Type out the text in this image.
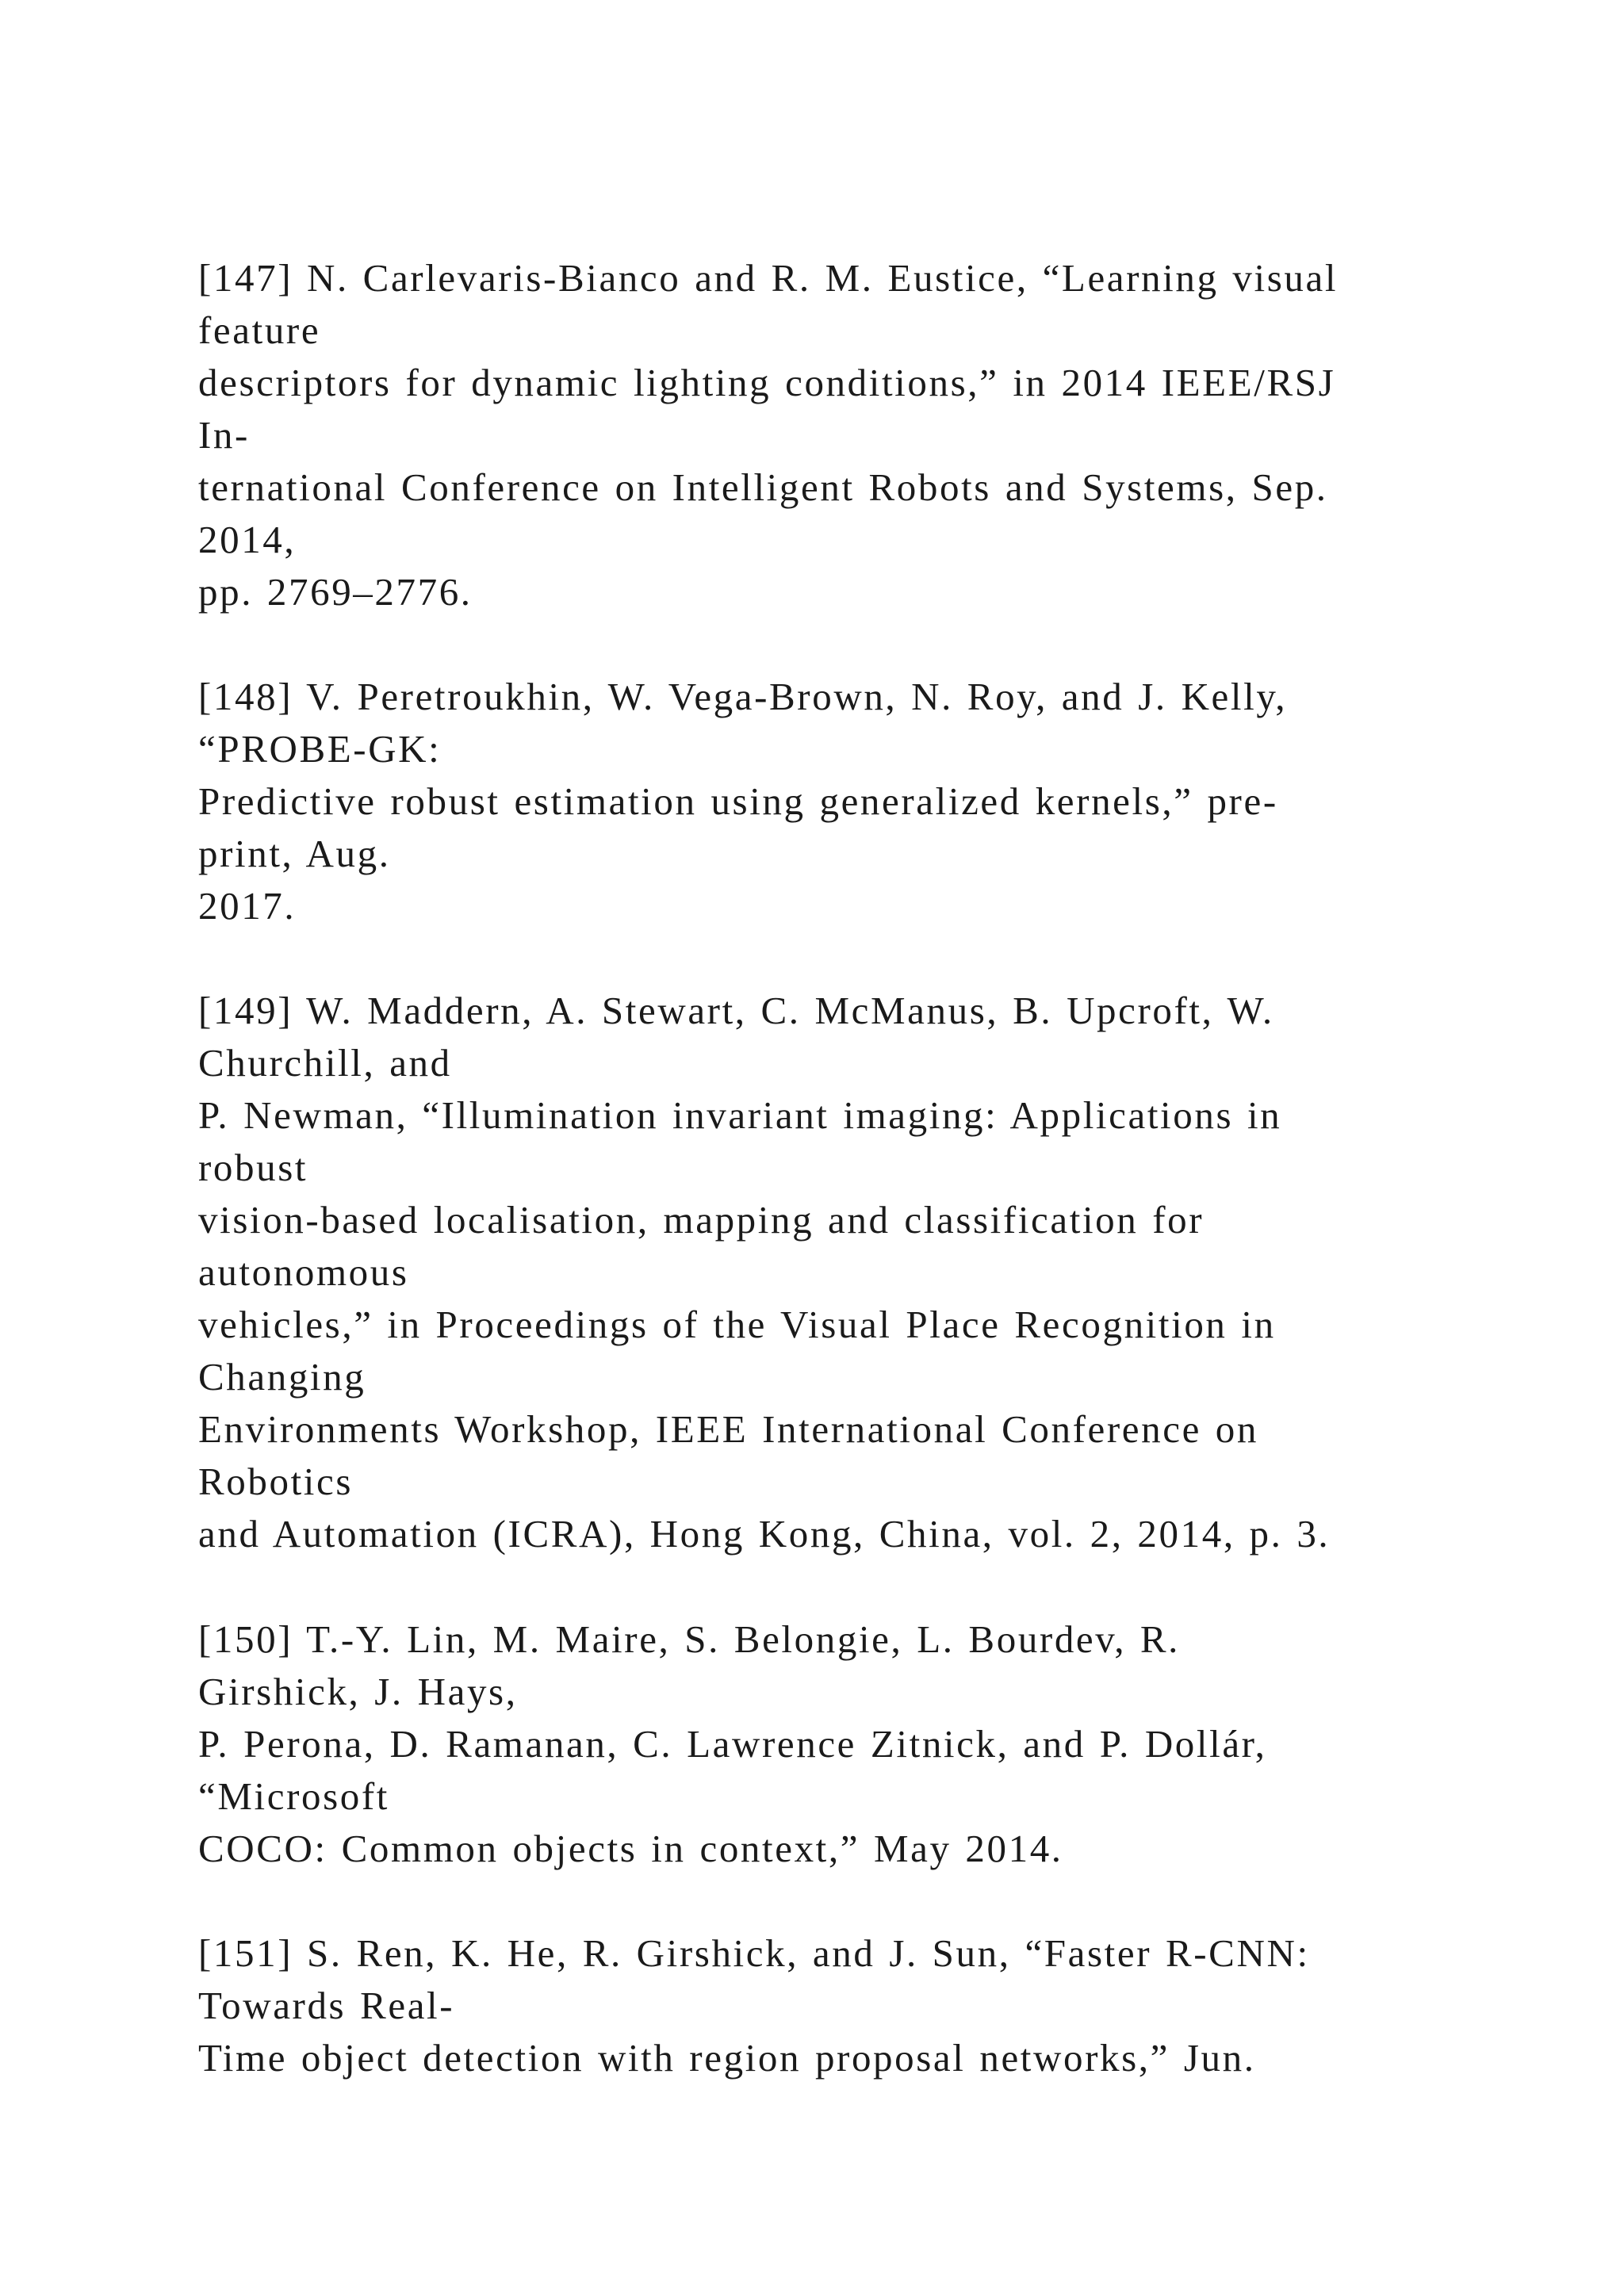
[147] N. Carlevaris-Bianco and R. M. Eustice, “Learning visual
feature
descriptors for dynamic lighting conditions,” in 2014 IEEE/RSJ
In-
ternational Conference on Intelligent Robots and Systems, Sep.
2014,
pp. 2769–2776.
[148] V. Peretroukhin, W. Vega-Brown, N. Roy, and J. Kelly,
“PROBE-GK:
Predictive robust estimation using generalized kernels,” pre-
print, Aug.
2017.
[149] W. Maddern, A. Stewart, C. McManus, B. Upcroft, W.
Churchill, and
P. Newman, “Illumination invariant imaging: Applications in
robust
vision-based localisation, mapping and classification for
autonomous
vehicles,” in Proceedings of the Visual Place Recognition in
Changing
Environments Workshop, IEEE International Conference on
Robotics
and Automation (ICRA), Hong Kong, China, vol. 2, 2014, p. 3.
[150] T.-Y. Lin, M. Maire, S. Belongie, L. Bourdev, R.
Girshick, J. Hays,
P. Perona, D. Ramanan, C. Lawrence Zitnick, and P. Dollár,
“Microsoft
COCO: Common objects in context,” May 2014.
[151] S. Ren, K. He, R. Girshick, and J. Sun, “Faster R-CNN:
Towards Real-
Time object detection with region proposal networks,” Jun.
